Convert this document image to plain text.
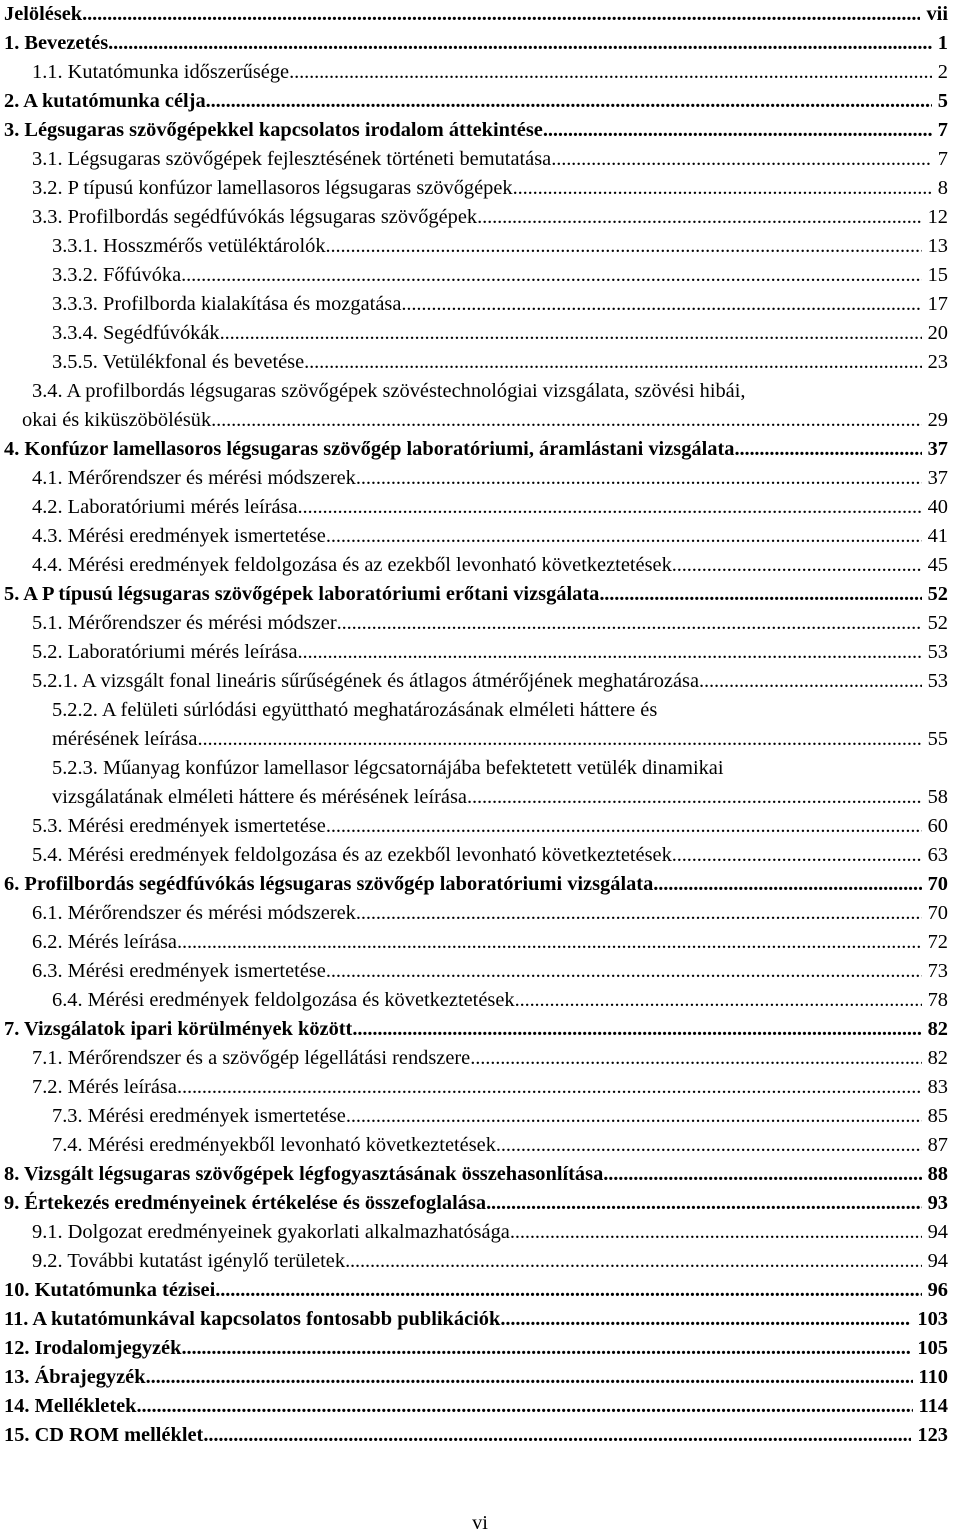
Jelölések . . .	vii
1. Bevezetés . . .	1
1.1. Kutatómunka időszerűsége . . .	2
2. A kutatómunka célja . . .	5
3. Légsugaras szövőgépekkel kapcsolatos irodalom áttekintése . . .	7
3.1. Légsugaras szövőgépek fejlesztésének történeti bemutatása . . .	7
3.2. P típusú konfúzor lamellasoros légsugaras szövőgépek . . .	8
3.3. Profilbordás segédfúvókás légsugaras szövőgépek . . .	12
3.3.1. Hosszmérős vetüléktárolók . . .	13
3.3.2. Főfúvóka . . .	15
3.3.3. Profilborda kialakítása és mozgatása . . .	17
3.3.4. Segédfúvókák . . .	20
3.5.5. Vetülékfonal és bevetése . . .	23
3.4. A profilbordás légsugaras szövőgépek szövéstechnológiai vizsgálata, szövési hibái,
okai és kiküszöbölésük . . .	29
4. Konfúzor lamellasoros légsugaras szövőgép laboratóriumi, áramlástani vizsgálata . . .	37
4.1. Mérőrendszer és mérési módszerek . . .	37
4.2. Laboratóriumi mérés leírása . . .	40
4.3. Mérési eredmények ismertetése . . .	41
4.4. Mérési eredmények feldolgozása és az ezekből levonható következtetések . . .	45
5. A P típusú légsugaras szövőgépek laboratóriumi erőtani vizsgálata . . .	52
5.1. Mérőrendszer és mérési módszer . . .	52
5.2. Laboratóriumi mérés leírása . . .	53
5.2.1. A vizsgált fonal lineáris sűrűségének és átlagos átmérőjének meghatározása . . .	53
5.2.2. A felületi súrlódási együttható meghatározásának elméleti háttere és
mérésének leírása . . .	55
5.2.3. Műanyag konfúzor lamellasor légcsatornájába befektetett vetülék dinamikai
vizsgálatának elméleti háttere és mérésének leírása . . .	58
5.3. Mérési eredmények ismertetése . . .	60
5.4. Mérési eredmények feldolgozása és az ezekből levonható következtetések . . .	63
6. Profilbordás segédfúvókás légsugaras szövőgép laboratóriumi vizsgálata . . .	70
6.1. Mérőrendszer és mérési módszerek . . .	70
6.2. Mérés leírása . . .	72
6.3. Mérési eredmények ismertetése . . .	73
6.4. Mérési eredmények feldolgozása és következtetések . . .	78
7. Vizsgálatok ipari körülmények között . . .	82
7.1. Mérőrendszer és a szövőgép légellátási rendszere . . .	82
7.2. Mérés leírása . . .	83
7.3. Mérési eredmények ismertetése . . .	85
7.4. Mérési eredményekből levonható következtetések . . .	87
8. Vizsgált légsugaras szövőgépek légfogyasztásának összehasonlítása . . .	88
9. Értekezés eredményeinek értékelése és összefoglalása . . .	93
9.1. Dolgozat eredményeinek gyakorlati alkalmazhatósága . . .	94
9.2. További kutatást igénylő területek . . .	94
10. Kutatómunka tézisei . . .	96
11. A kutatómunkával kapcsolatos fontosabb publikációk . . .	103
12. Irodalomjegyzék . . .	105
13. Ábrajegyzék . . .	110
14. Mellékletek . . .	114
15. CD ROM melléklet . . .	123
vi
